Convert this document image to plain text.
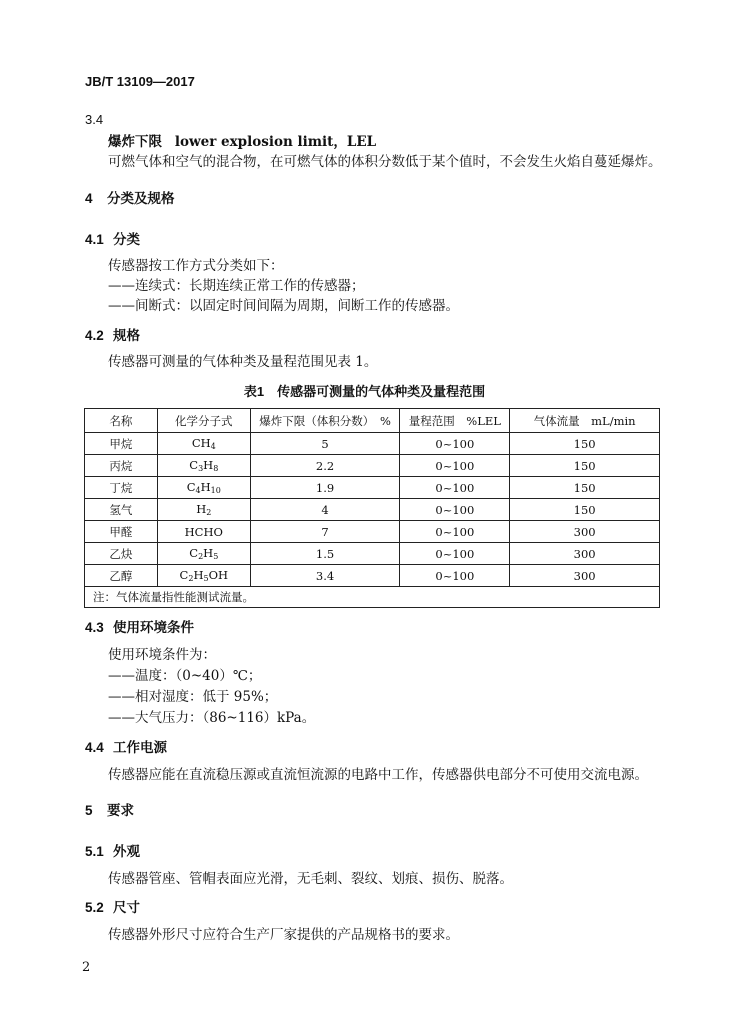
JB/T 13109—2017
3.4
爆炸下限 lower explosion limit，LEL
可燃气体和空气的混合物，在可燃气体的体积分数低于某个值时，不会发生火焰自蔓延爆炸。
4 分类及规格
4.1 分类
传感器按工作方式分类如下：
——连续式：长期连续正常工作的传感器；
——间断式：以固定时间间隔为周期，间断工作的传感器。
4.2 规格
传感器可测量的气体种类及量程范围见表 1。
表1　传感器可测量的气体种类及量程范围
名称	化学分子式	爆炸下限（体积分数）　%	量程范围　%LEL	气体流量　mL/min
甲烷	$CH_4$	5	0~100	150
丙烷	$C_3H_8$	2.2	0~100	150
丁烷	$C_4H_{10}$	1.9	0~100	150
氢气	$H_2$	4	0~100	150
甲醛	HCHO	7	0~100	300
乙炔	$C_2H_5$	1.5	0~100	300
乙醇	$C_2H_5OH$	3.4	0~100	300
注：气体流量指性能测试流量。				
4.3 使用环境条件
使用环境条件为：
——温度：（0~40）℃；
——相对湿度：低于 95%；
——大气压力：（86~116）kPa。
4.4 工作电源
传感器应能在直流稳压源或直流恒流源的电路中工作，传感器供电部分不可使用交流电源。
5 要求
5.1 外观
传感器管座、管帽表面应光滑，无毛刺、裂纹、划痕、损伤、脱落。
5.2 尺寸
传感器外形尺寸应符合生产厂家提供的产品规格书的要求。
2
